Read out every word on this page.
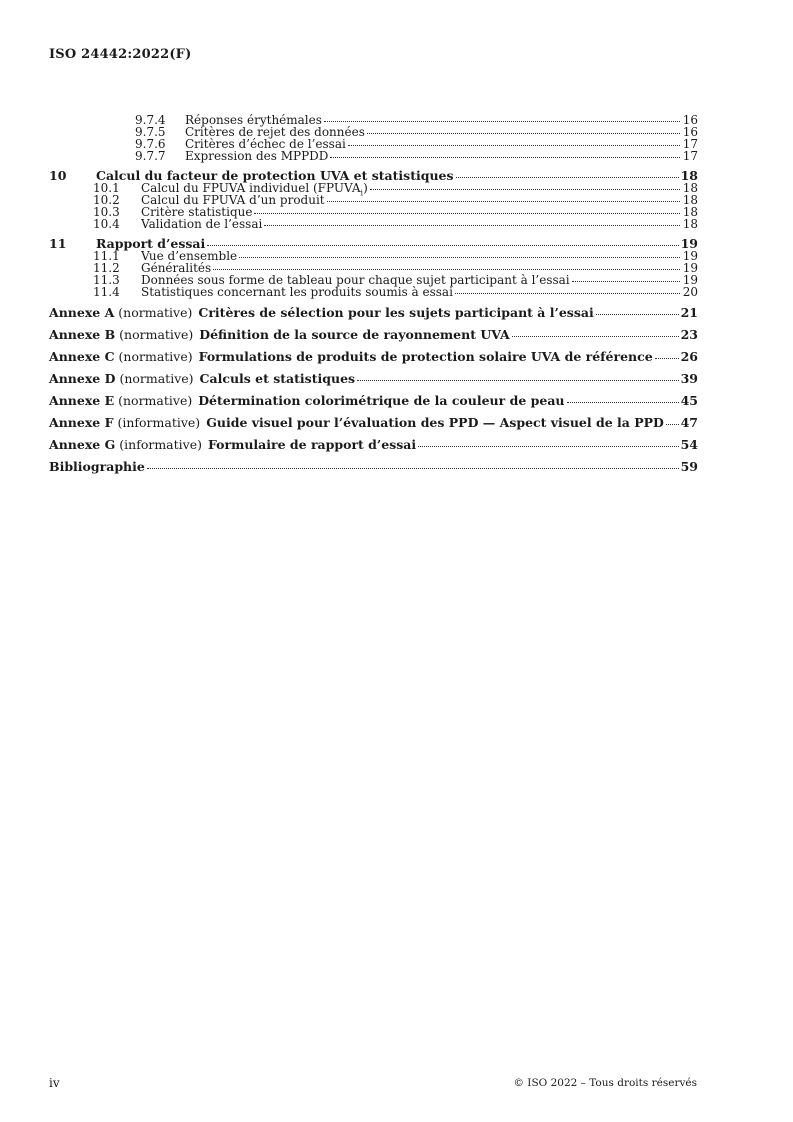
ISO 24442:2022(F)
9.7.4	Réponses érythémales	16
9.7.5	Critères de rejet des données	16
9.7.6	Critères d’échec de l’essai	17
9.7.7	Expression des MPPDD	17
10	Calcul du facteur de protection UVA et statistiques	18
10.1	Calcul du FPUVA individuel $(FPUVA_i)$	18
10.2	Calcul du FPUVA d’un produit	18
10.3	Critère statistique	18
10.4	Validation de l’essai	18
11	Rapport d’essai	19
11.1	Vue d’ensemble	19
11.2	Généralités	19
11.3	Données sous forme de tableau pour chaque sujet participant à l’essai	19
11.4	Statistiques concernant les produits soumis à essai	20
Annexe A (normative) Critères de sélection pour les sujets participant à l’essai	21
Annexe B (normative) Définition de la source de rayonnement UVA	23
Annexe C (normative) Formulations de produits de protection solaire UVA de référence 26
Annexe D (normative) Calculs et statistiques	39
Annexe E (normative) Détermination colorimétrique de la couleur de peau	45
Annexe F (informative) Guide visuel pour l’évaluation des PPD — Aspect visuel de la PPD 47
Annexe G (informative) Formulaire de rapport d’essai	54
Bibliographie	59
iv	© ISO 2022 – Tous droits réservés
